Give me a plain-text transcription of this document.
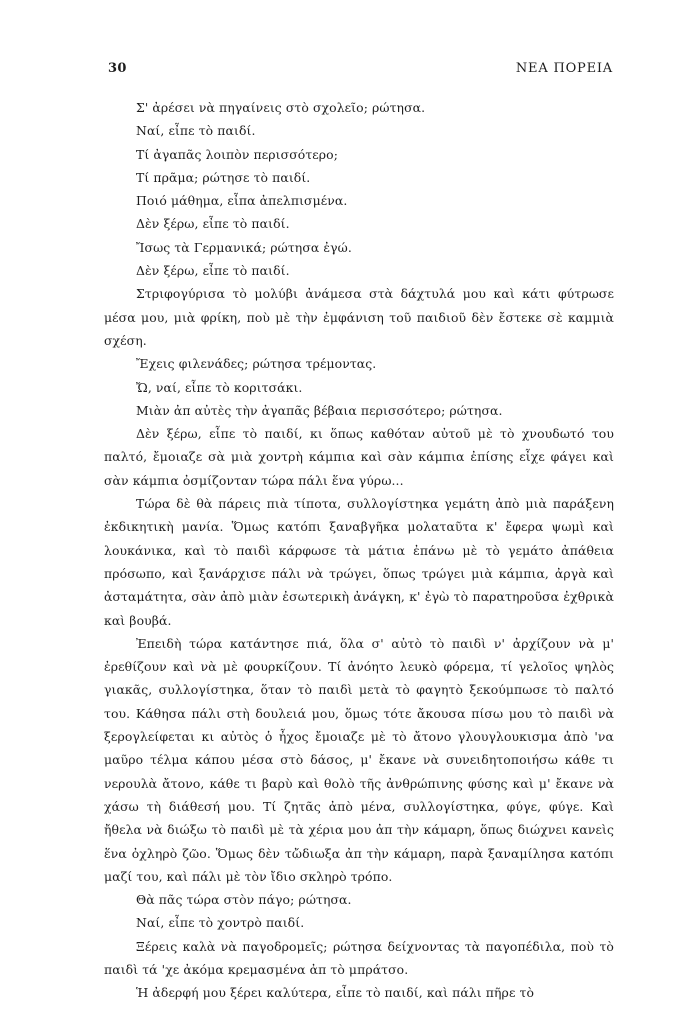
30	ΝΕΑ ΠΟΡΕΙΑ

Σ' ἀρέσει νὰ πηγαίνεις στὸ σχολεῖο; ρώτησα.

Ναί, εἶπε τὸ παιδί.

Τί ἀγαπᾶς λοιπὸν περισσότερο;

Τί πρᾶμα; ρώτησε τὸ παιδί.

Ποιό μάθημα, εἶπα ἀπελπισμένα.

Δὲν ξέρω, εἶπε τὸ παιδί.

Ἴσως τὰ Γερμανικά; ρώτησα ἐγώ.

Δὲν ξέρω, εἶπε τὸ παιδί.

Στριφογύρισα τὸ μολύβι ἀνάμεσα στὰ δάχτυλά μου καὶ κάτι φύτρωσε μέσα μου, μιὰ φρίκη, ποὺ μὲ τὴν ἐμφάνιση τοῦ παιδιοῦ δὲν ἔστεκε σὲ καμμιὰ σχέση.

Ἔχεις φιλενάδες; ρώτησα τρέμοντας.

Ὤ, ναί, εἶπε τὸ κοριτσάκι.

Μιὰν ἀπ αὐτὲς τὴν ἀγαπᾶς βέβαια περισσότερο; ρώτησα.

Δὲν ξέρω, εἶπε τὸ παιδί, κι ὅπως καθόταν αὐτοῦ μὲ τὸ χνουδωτό του παλτό, ἔμοιαζε σὰ μιὰ χοντρὴ κάμπια καὶ σὰν κάμπια ἐπίσης εἶχε φάγει καὶ σὰν κάμπια ὀσμίζονταν τώρα πάλι ἕνα γύρω...

Τώρα δὲ θὰ πάρεις πιὰ τίποτα, συλλογίστηκα γεμάτη ἀπὸ μιὰ παράξενη ἐκδικητικὴ μανία. Ὅμως κατόπι ξαναβγῆκα μολαταῦτα κ' ἔφερα ψωμὶ καὶ λουκάνικα, καὶ τὸ παιδὶ κάρφωσε τὰ μάτια ἐπάνω μὲ τὸ γεμάτο ἀπάθεια πρόσωπο, καὶ ξανάρχισε πάλι νὰ τρώγει, ὅπως τρώγει μιὰ κάμπια, ἀργὰ καὶ ἀσταμάτητα, σὰν ἀπὸ μιὰν ἐσωτερικὴ ἀνάγκη, κ' ἐγὼ τὸ παρατηροῦσα ἐχθρικὰ καὶ βουβά.

Ἐπειδὴ τώρα κατάντησε πιά, ὅλα σ' αὐτὸ τὸ παιδὶ ν' ἀρχίζουν νὰ μ' ἐρεθίζουν καὶ νὰ μὲ φουρκίζουν. Τί ἀνόητο λευκὸ φόρεμα, τί γελοῖος ψηλὸς γιακᾶς, συλλογίστηκα, ὅταν τὸ παιδὶ μετὰ τὸ φαγητὸ ξεκούμπωσε τὸ παλτό του. Κάθησα πάλι στὴ δουλειά μου, ὅμως τότε ἄκουσα πίσω μου τὸ παιδὶ νὰ ξερογλείφεται κι αὐτὸς ὁ ἦχος ἔμοιαζε μὲ τὸ ἄτονο γλουγλουκισμα ἀπὸ 'να μαῦρο τέλμα κάπου μέσα στὸ δάσος, μ' ἔκανε νὰ συνειδητοποιήσω κάθε τι νερουλὰ ἄτονο, κάθε τι βαρὺ καὶ θολὸ τῆς ἀνθρώπινης φύσης καὶ μ' ἔκανε νὰ χάσω τὴ διάθεσή μου. Τί ζητᾶς ἀπὸ μένα, συλλογίστηκα, φύγε, φύγε. Καὶ ἤθελα νὰ διώξω τὸ παιδὶ μὲ τὰ χέρια μου ἀπ τὴν κάμαρη, ὅπως διώχνει κανεὶς ἕνα ὀχληρὸ ζῶο. Ὅμως δὲν τὤδιωξα ἀπ τὴν κάμαρη, παρὰ ξαναμίλησα κατόπι μαζί του, καὶ πάλι μὲ τὸν ἴδιο σκληρὸ τρόπο.

Θὰ πᾶς τώρα στὸν πάγο; ρώτησα.

Ναί, εἶπε τὸ χοντρὸ παιδί.

Ξέρεις καλὰ νὰ παγοδρομεῖς; ρώτησα δείχνοντας τὰ παγοπέδιλα, ποὺ τὸ παιδὶ τά 'χε ἀκόμα κρεμασμένα ἀπ τὸ μπράτσο.

Ἡ ἀδερφή μου ξέρει καλύτερα, εἶπε τὸ παιδί, καὶ πάλι πῆρε τὸ
